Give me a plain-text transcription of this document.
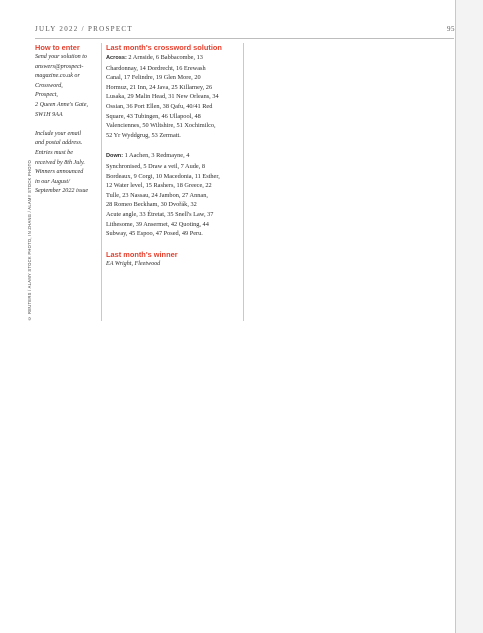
JULY 2022 / PROSPECT	95
© REUTERS / ALAMY STOCK PHOTO, IN ZHANG / ALAMY STOCK PHOTO

How to enter

Send your solution to
answers@prospect-
magazine.co.uk or
Crossword,
Prospect,
2 Queen Anne's Gate,
SW1H 9AA

Include your email
and postal address.
Entries must be
received by 8th July.
Winners announced
in our August/
September 2022 issue

Last month's crossword solution

Across: 2 Arnside, 6 Babbacombe, 13
Chardonnay, 14 Dordrecht, 16 Erewash
Canal, 17 Felindre, 19 Glen More, 20
Hormuz, 21 Inn, 24 Java, 25 Killarney, 26
Lusaka, 29 Malin Head, 31 New Orleans, 34
Ossian, 36 Port Ellen, 38 Qafu, 40/41 Red
Square, 43 Tubingen, 46 Ullapool, 48
Valenciennes, 50 Wiltshire, 51 Xochimilco,
52 Yr Wyddgrug, 53 Zermatt.

Down: 1 Aachen, 3 Redmayne, 4
Synchronised, 5 Draw a veil, 7 Aude, 8
Bordeaux, 9 Corgi, 10 Macedonia, 11 Esther,
12 Water level, 15 Rashers, 18 Greece, 22
Tulle, 23 Nassau, 24 Jambon, 27 Annan,
28 Romeo Beckham, 30 Dvořák, 32
Acute angle, 33 Étretat, 35 Snell's Law, 37
Lithesome, 39 Ansermet, 42 Quoting, 44
Subway, 45 Espoo, 47 Posed, 49 Peru.

Last month's winner

EA Wright, Fleetwood
